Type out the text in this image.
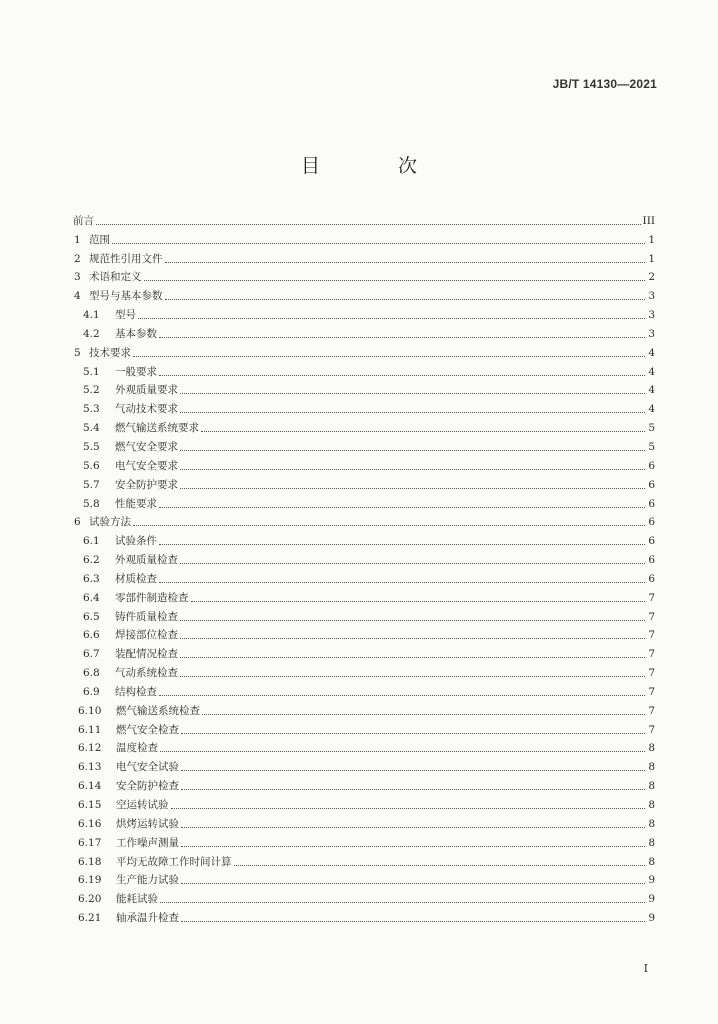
JB/T 14130—2021
目 次
前言	III
1 范围	1
2 规范性引用文件	1
3 术语和定义	2
4 型号与基本参数	3
4.1	型号	3
4.2	基本参数	3
5 技术要求	4
5.1	一般要求	4
5.2	外观质量要求	4
5.3	气动技术要求	4
5.4	燃气输送系统要求	5
5.5	燃气安全要求	5
5.6	电气安全要求	6
5.7	安全防护要求	6
5.8	性能要求	6
6 试验方法	6
6.1	试验条件	6
6.2	外观质量检查	6
6.3	材质检查	6
6.4	零部件制造检查	7
6.5	铸件质量检查	7
6.6	焊接部位检查	7
6.7	装配情况检查	7
6.8	气动系统检查	7
6.9	结构检查	7
6.10	燃气输送系统检查	7
6.11	燃气安全检查	7
6.12	温度检查	8
6.13	电气安全试验	8
6.14	安全防护检查	8
6.15	空运转试验	8
6.16	烘烤运转试验	8
6.17	工作噪声测量	8
6.18	平均无故障工作时间计算	8
6.19	生产能力试验	9
6.20	能耗试验	9
6.21	轴承温升检查	9
I
